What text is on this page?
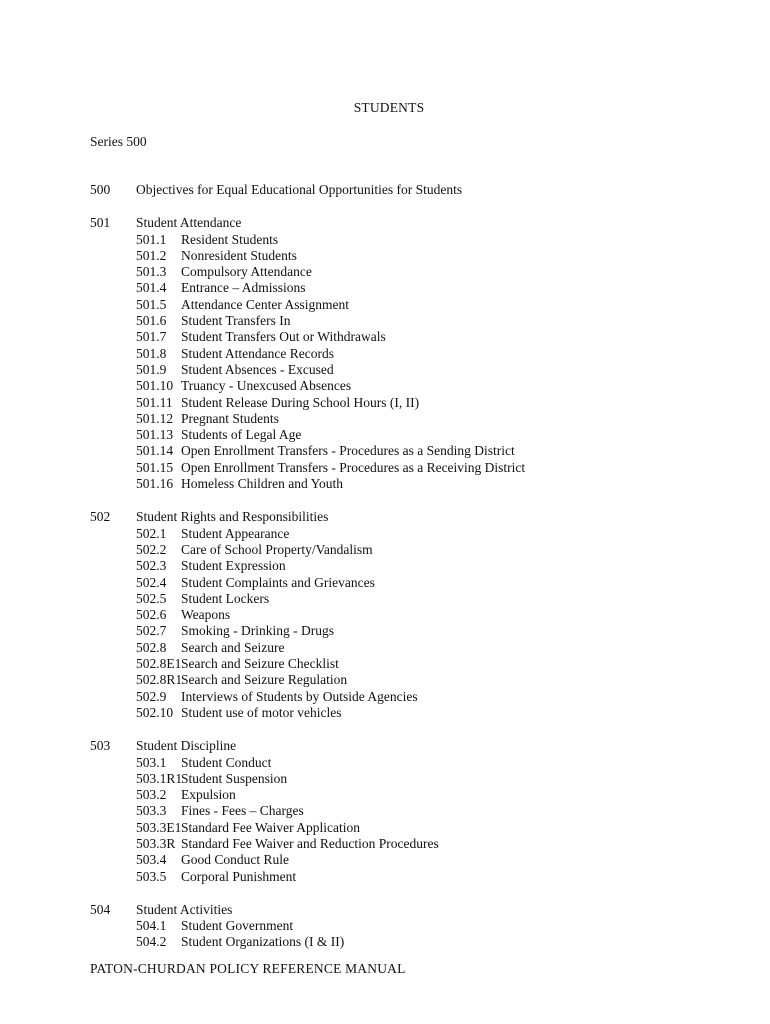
STUDENTS
Series 500
500 Objectives for Equal Educational Opportunities for Students
501 Student Attendance
501.1 Resident Students
501.2 Nonresident Students
501.3 Compulsory Attendance
501.4 Entrance – Admissions
501.5 Attendance Center Assignment
501.6 Student Transfers In
501.7 Student Transfers Out or Withdrawals
501.8 Student Attendance Records
501.9 Student Absences - Excused
501.10 Truancy - Unexcused Absences
501.11 Student Release During School Hours (I, II)
501.12 Pregnant Students
501.13 Students of Legal Age
501.14 Open Enrollment Transfers - Procedures as a Sending District
501.15 Open Enrollment Transfers - Procedures as a Receiving District
501.16 Homeless Children and Youth
502 Student Rights and Responsibilities
502.1 Student Appearance
502.2 Care of School Property/Vandalism
502.3 Student Expression
502.4 Student Complaints and Grievances
502.5 Student Lockers
502.6 Weapons
502.7 Smoking - Drinking - Drugs
502.8 Search and Seizure
502.8E1 Search and Seizure Checklist
502.8R1
Search and Seizure Regulation
502.9 Interviews of Students by Outside Agencies
502.10 Student use of motor vehicles
503 Student Discipline
503.1 Student Conduct
503.1R1
Student Suspension
503.2 Expulsion
503.3 Fines - Fees – Charges
503.3E1 Standard Fee Waiver Application
503.3R Standard Fee Waiver and Reduction Procedures
503.4 Good Conduct Rule
503.5 Corporal Punishment
504 Student Activities
504.1 Student Government
504.2 Student Organizations (I & II)
PATON-CHURDAN POLICY REFERENCE MANUAL
